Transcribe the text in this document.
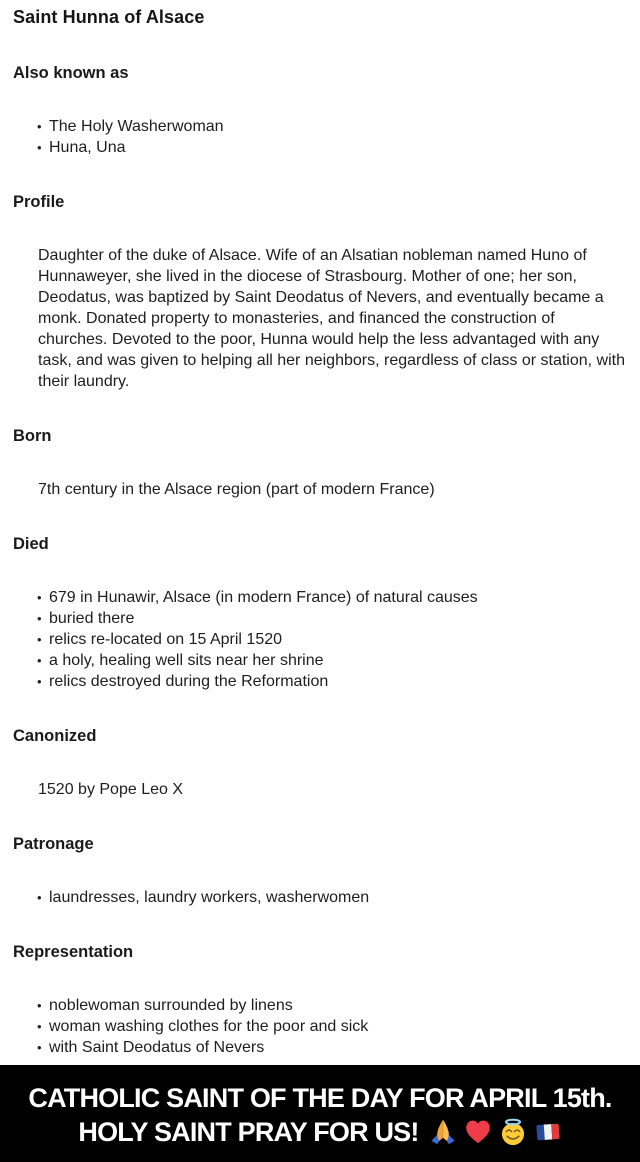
Saint Hunna of Alsace
Also known as
• The Holy Washerwoman
• Huna, Una
Profile
Daughter of the duke of Alsace. Wife of an Alsatian nobleman named Huno of Hunnaweyer, she lived in the diocese of Strasbourg. Mother of one; her son, Deodatus, was baptized by Saint Deodatus of Nevers, and eventually became a monk. Donated property to monasteries, and financed the construction of churches. Devoted to the poor, Hunna would help the less advantaged with any task, and was given to helping all her neighbors, regardless of class or station, with their laundry.
Born
7th century in the Alsace region (part of modern France)
Died
• 679 in Hunawir, Alsace (in modern France) of natural causes
• buried there
• relics re-located on 15 April 1520
• a holy, healing well sits near her shrine
• relics destroyed during the Reformation
Canonized
1520 by Pope Leo X
Patronage
• laundresses, laundry workers, washerwomen
Representation
• noblewoman surrounded by linens
• woman washing clothes for the poor and sick
• with Saint Deodatus of Nevers
CATHOLIC SAINT OF THE DAY FOR APRIL 15th.
HOLY SAINT PRAY FOR US!
